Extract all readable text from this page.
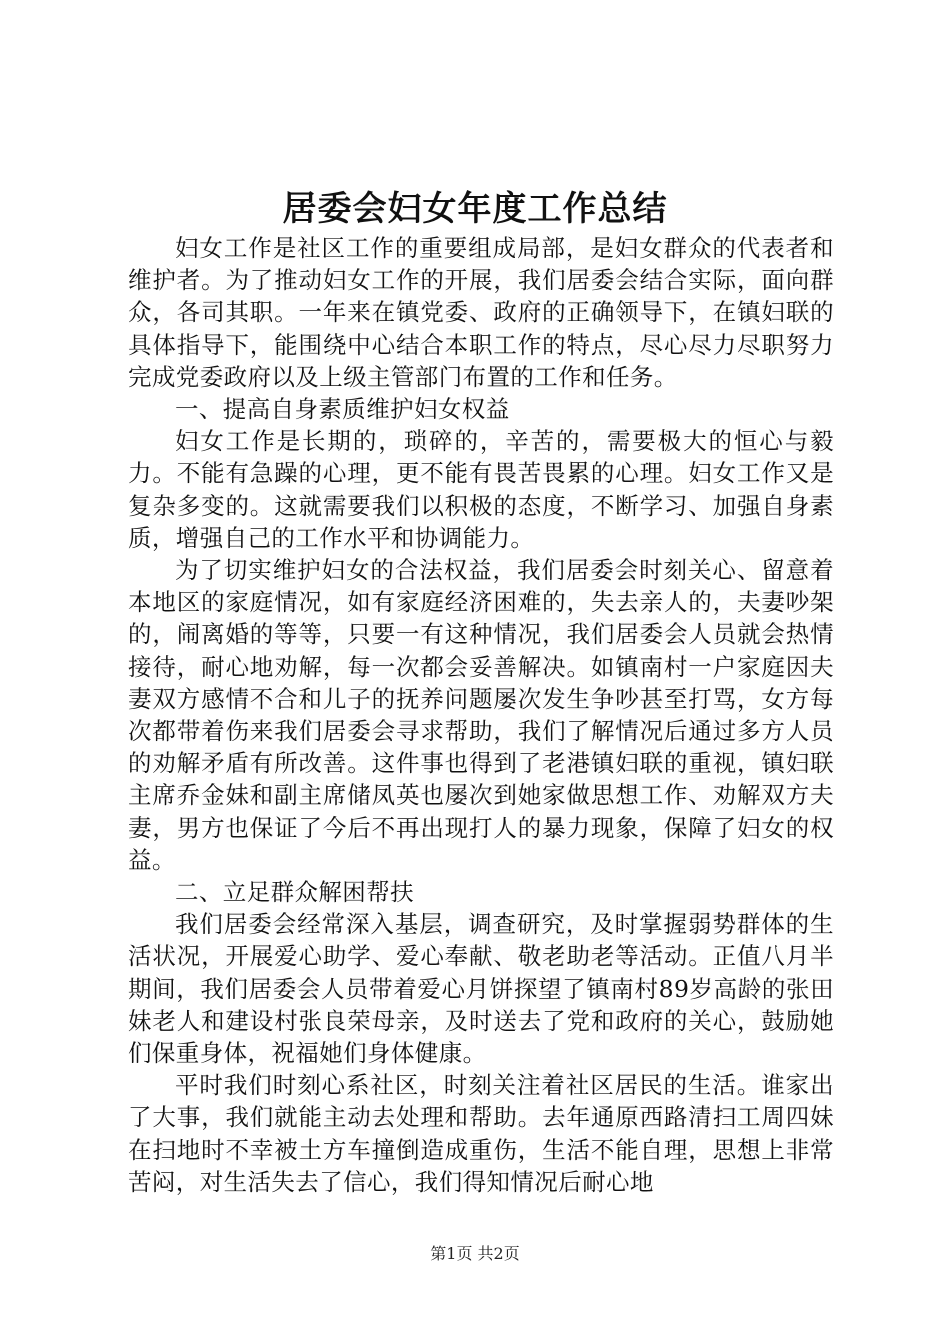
居委会妇女年度工作总结

妇女工作是社区工作的重要组成局部，是妇女群众的代表者和维护者。为了推动妇女工作的开展，我们居委会结合实际，面向群众，各司其职。一年来在镇党委、政府的正确领导下，在镇妇联的具体指导下，能围绕中心结合本职工作的特点，尽心尽力尽职努力完成党委政府以及上级主管部门布置的工作和任务。

一、提高自身素质维护妇女权益

妇女工作是长期的，琐碎的，辛苦的，需要极大的恒心与毅力。不能有急躁的心理，更不能有畏苦畏累的心理。妇女工作又是复杂多变的。这就需要我们以积极的态度，不断学习、加强自身素质，增强自己的工作水平和协调能力。

为了切实维护妇女的合法权益，我们居委会时刻关心、留意着本地区的家庭情况，如有家庭经济困难的，失去亲人的，夫妻吵架的，闹离婚的等等，只要一有这种情况，我们居委会人员就会热情接待，耐心地劝解，每一次都会妥善解决。如镇南村一户家庭因夫妻双方感情不合和儿子的抚养问题屡次发生争吵甚至打骂，女方每次都带着伤来我们居委会寻求帮助，我们了解情况后通过多方人员的劝解矛盾有所改善。这件事也得到了老港镇妇联的重视，镇妇联主席乔金妹和副主席储凤英也屡次到她家做思想工作、劝解双方夫妻，男方也保证了今后不再出现打人的暴力现象，保障了妇女的权益。

二、立足群众解困帮扶

我们居委会经常深入基层，调查研究，及时掌握弱势群体的生活状况，开展爱心助学、爱心奉献、敬老助老等活动。正值八月半期间，我们居委会人员带着爱心月饼探望了镇南村89岁高龄的张田妹老人和建设村张良荣母亲，及时送去了党和政府的关心，鼓励她们保重身体，祝福她们身体健康。

平时我们时刻心系社区，时刻关注着社区居民的生活。谁家出了大事，我们就能主动去处理和帮助。去年通原西路清扫工周四妹在扫地时不幸被土方车撞倒造成重伤，生活不能自理，思想上非常苦闷，对生活失去了信心，我们得知情况后耐心地

第1页 共2页
